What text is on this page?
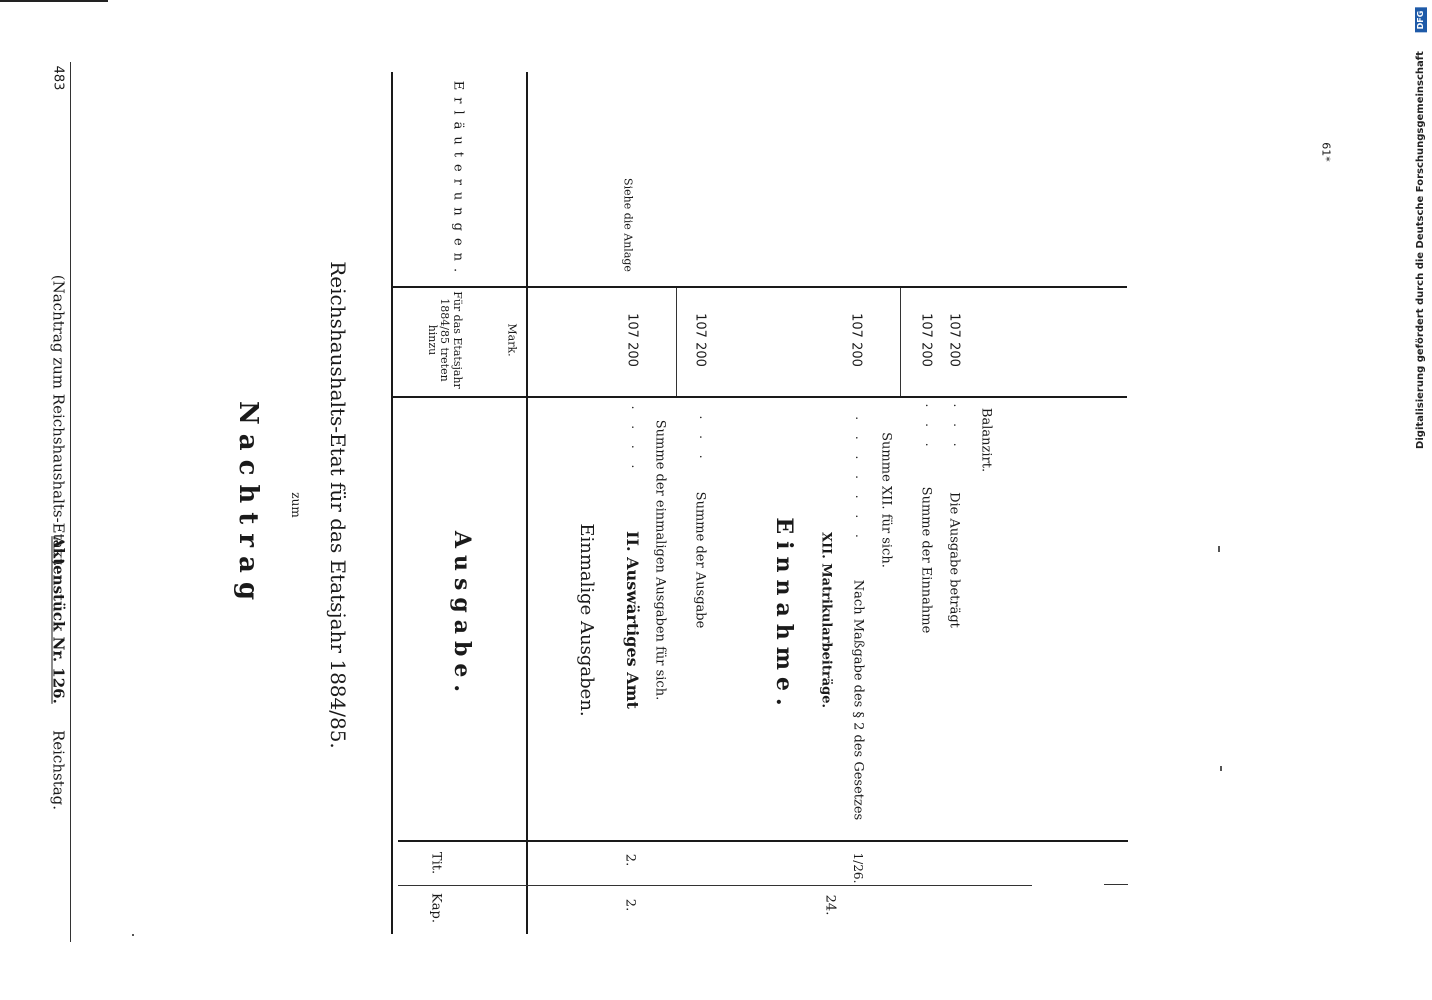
Reichstag.
Aktenstück Nr. 126.
(Nachtrag zum Reichshaushalts-Etat.)
483
Nachtrag zum Reichshaushalts-Etat für das Etatsjahr 1884/85.
Kap.
Tit.
Ausgabe.
Für das Etatsjahr 1884/85 treten hinzu	Mark.
Erläuterungen.
Einmalige Ausgaben.
2.
2.
II. Auswärtiges Amt
. . . . Summe der einmaligen Ausgaben für sich.
107 200
Siehe die Anlage
Summe der Ausgabe
. . .
107 200
Einnahme. XII. Matrikularbeiträge.
24.
1/26.
Nach Maßgabe des § 2 des Gesetzes
. . . . . . .
107 200
Summe XII. für sich. Summe der Einnahme
. . .
107 200
Die Ausgabe beträgt
. . .
107 200
Balanzirt.
61*	Digitalisierung gefördert durch die Deutsche Forschungsgemeinschaft
DFG
